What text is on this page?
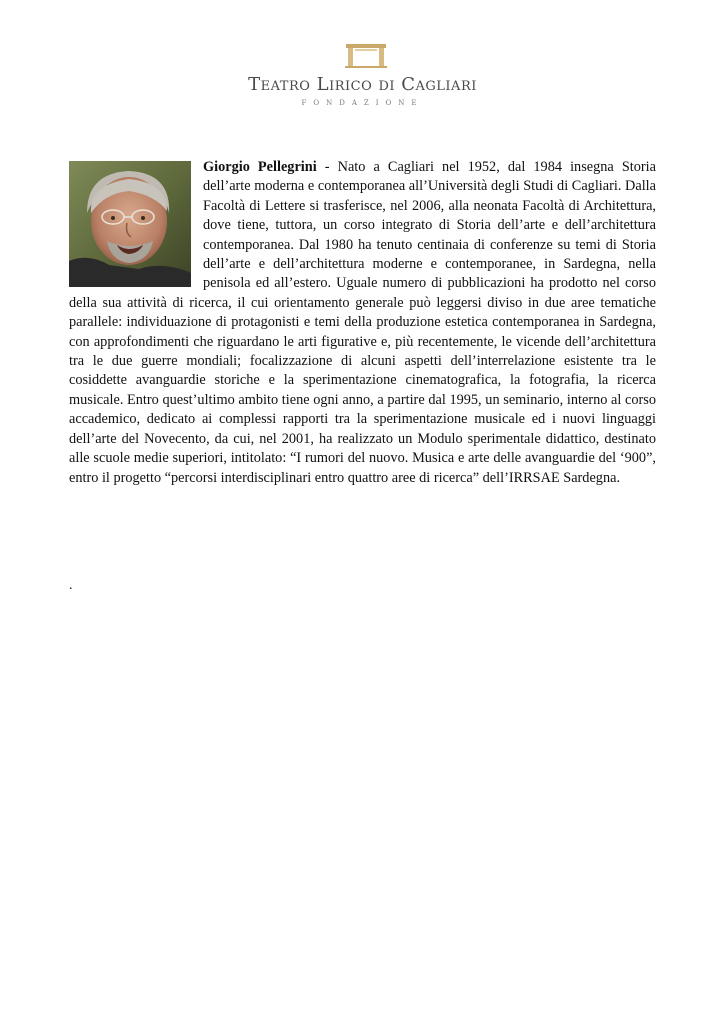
Teatro Lirico di Cagliari
FONDAZIONE

Giorgio Pellegrini - Nato a Cagliari nel 1952, dal 1984 insegna Storia dell’arte moderna e contemporanea all’Università degli Studi di Cagliari. Dalla Facoltà di Lettere si trasferisce, nel 2006, alla neonata Facoltà di Architettura, dove tiene, tuttora, un corso integrato di Storia dell’arte e dell’architettura contemporanea. Dal 1980 ha tenuto centinaia di conferenze su temi di Storia dell’arte e dell’architettura moderne e contemporanee, in Sardegna, nella penisola ed all’estero. Uguale numero di pubblicazioni ha prodotto nel corso della sua attività di ricerca, il cui orientamento generale può leggersi diviso in due aree tematiche parallele: individuazione di protagonisti e temi della produzione estetica contemporanea in Sardegna, con approfondimenti che riguardano le arti figurative e, più recentemente, le vicende dell’architettura tra le due guerre mondiali; focalizzazione di alcuni aspetti dell’interrelazione esistente tra le cosiddette avanguardie storiche e la sperimentazione cinematografica, la fotografia, la ricerca musicale. Entro quest’ultimo ambito tiene ogni anno, a partire dal 1995, un seminario, interno al corso accademico, dedicato ai complessi rapporti tra la sperimentazione musicale ed i nuovi linguaggi dell’arte del Novecento, da cui, nel 2001, ha realizzato un Modulo sperimentale didattico, destinato alle scuole medie superiori, intitolato: “I rumori del nuovo. Musica e arte delle avanguardie del ‘900”, entro il progetto “percorsi interdisciplinari entro quattro aree di ricerca” dell’IRRSAE Sardegna.

.
